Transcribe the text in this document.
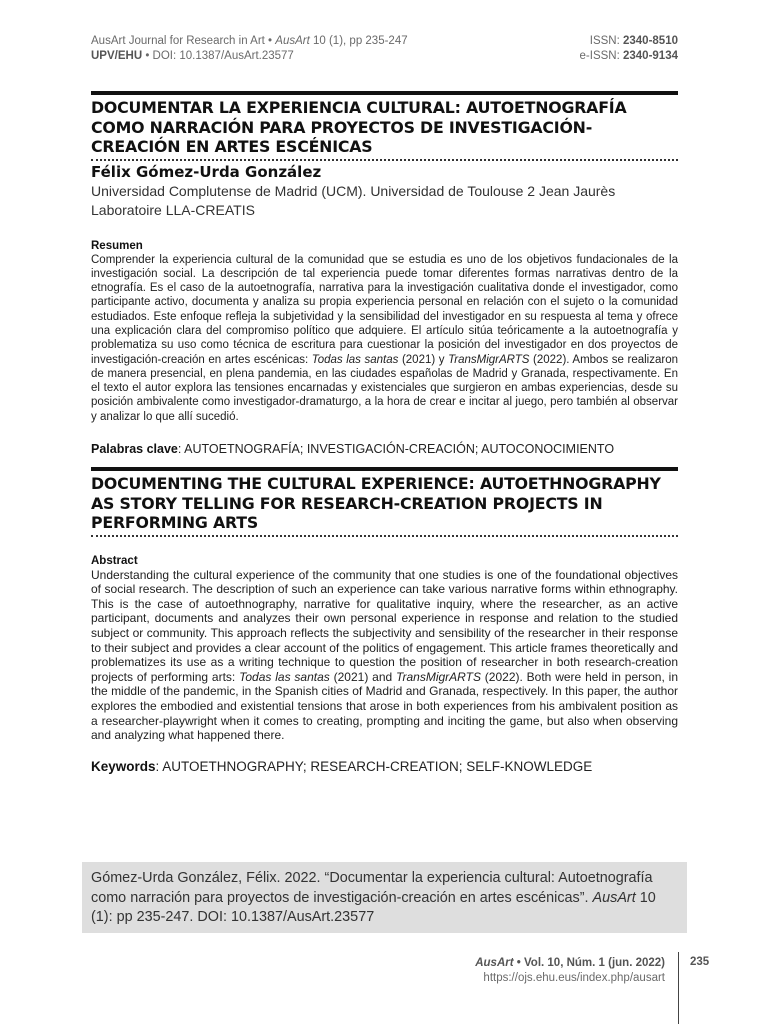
AusArt Journal for Research in Art • AusArt 10 (1), pp 235-247
UPV/EHU • DOI: 10.1387/AusArt.23577
ISSN: 2340-8510
e-ISSN: 2340-9134
DOCUMENTAR LA EXPERIENCIA CULTURAL: AUTOETNOGRAFÍA COMO NARRACIÓN PARA PROYECTOS DE INVESTIGACIÓN-CREACIÓN EN ARTES ESCÉNICAS
Félix Gómez-Urda González
Universidad Complutense de Madrid (UCM). Universidad de Toulouse 2 Jean Jaurès Laboratoire LLA-CREATIS
Resumen
Comprender la experiencia cultural de la comunidad que se estudia es uno de los objetivos fundacionales de la investigación social. La descripción de tal experiencia puede tomar diferentes formas narrativas dentro de la etnografía. Es el caso de la autoetnografía, narrativa para la investigación cualitativa donde el investigador, como participante activo, documenta y analiza su propia experiencia personal en relación con el sujeto o la comunidad estudiados. Este enfoque refleja la subjetividad y la sensibilidad del investigador en su respuesta al tema y ofrece una explicación clara del compromiso político que adquiere. El artículo sitúa teóricamente a la autoetnografía y problematiza su uso como técnica de escritura para cuestionar la posición del investigador en dos proyectos de investigación-creación en artes escénicas: Todas las santas (2021) y TransMigrARTS (2022). Ambos se realizaron de manera presencial, en plena pandemia, en las ciudades españolas de Madrid y Granada, respectivamente. En el texto el autor explora las tensiones encarnadas y existenciales que surgieron en ambas experiencias, desde su posición ambivalente como investigador-dramaturgo, a la hora de crear e incitar al juego, pero también al observar y analizar lo que allí sucedió.
Palabras clave: AUTOETNOGRAFÍA; INVESTIGACIÓN-CREACIÓN; AUTOCONOCIMIENTO
DOCUMENTING THE CULTURAL EXPERIENCE: AUTOETHNOGRAPHY AS STORY TELLING FOR RESEARCH-CREATION PROJECTS IN PERFORMING ARTS
Abstract
Understanding the cultural experience of the community that one studies is one of the foundational objectives of social research. The description of such an experience can take various narrative forms within ethnography. This is the case of autoethnography, narrative for qualitative inquiry, where the researcher, as an active participant, documents and analyzes their own personal experience in response and relation to the studied subject or community. This approach reflects the subjectivity and sensibility of the researcher in their response to their subject and provides a clear account of the politics of engagement. This article frames theoretically and problematizes its use as a writing technique to question the position of researcher in both research-creation projects of performing arts: Todas las santas (2021) and TransMigrARTS (2022). Both were held in person, in the middle of the pandemic, in the Spanish cities of Madrid and Granada, respectively. In this paper, the author explores the embodied and existential tensions that arose in both experiences from his ambivalent position as a researcher-playwright when it comes to creating, prompting and inciting the game, but also when observing and analyzing what happened there.
Keywords: AUTOETHNOGRAPHY; RESEARCH-CREATION; SELF-KNOWLEDGE
Gómez-Urda González, Félix. 2022. “Documentar la experiencia cultural: Autoetnografía como narración para proyectos de investigación-creación en artes escénicas”. AusArt 10 (1): pp 235-247. DOI: 10.1387/AusArt.23577
AusArt • Vol. 10, Núm. 1 (jun. 2022)
https://ojs.ehu.eus/index.php/ausart
235
